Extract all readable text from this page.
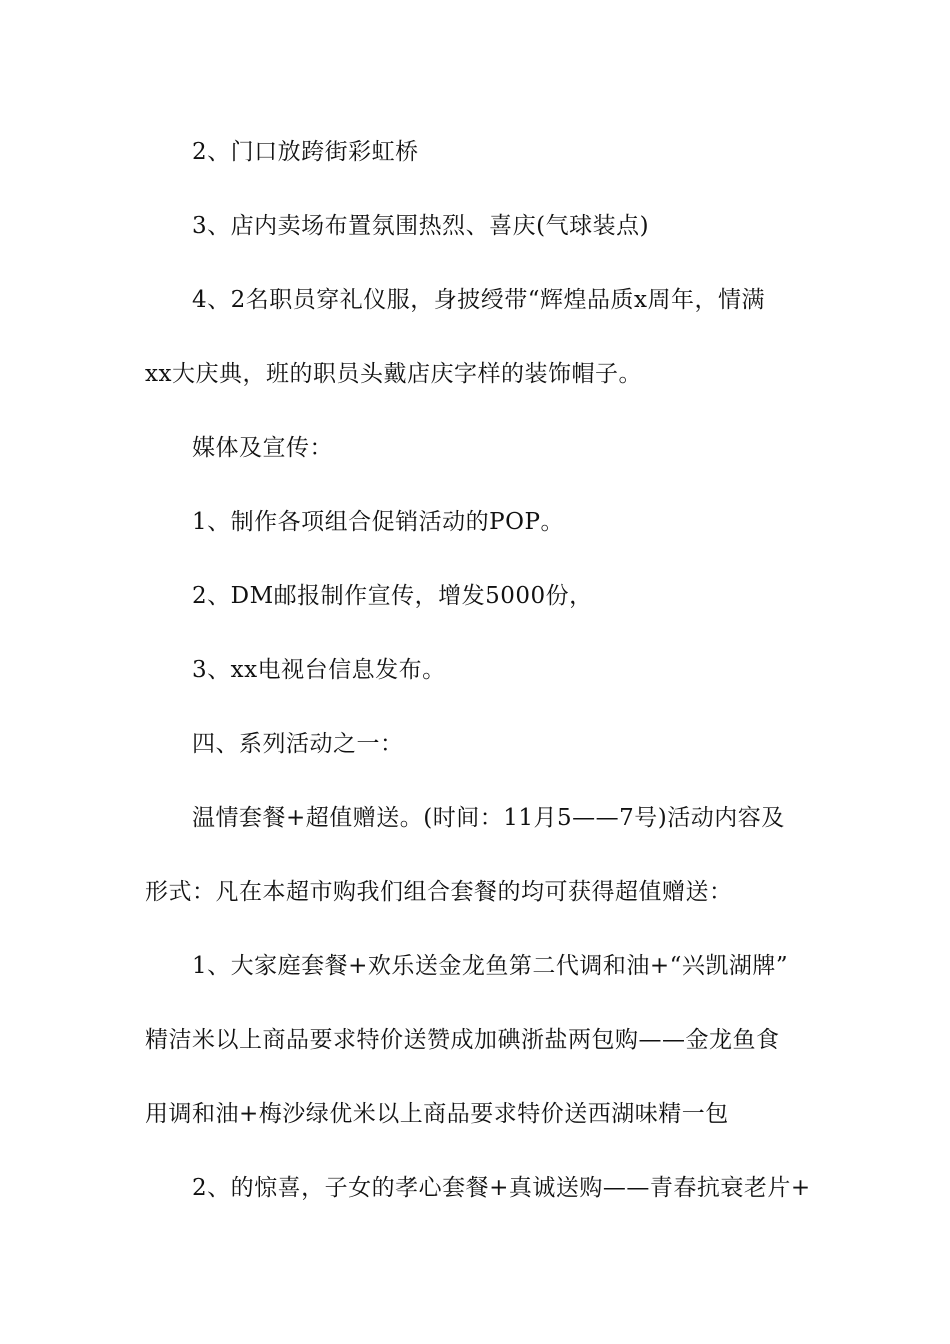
2、门口放跨街彩虹桥
3、店内卖场布置氛围热烈、喜庆(气球装点)
4、2名职员穿礼仪服，身披绶带“辉煌品质x周年，情满
xx大庆典，班的职员头戴店庆字样的装饰帽子。
媒体及宣传：
1、制作各项组合促销活动的POP。
2、DM邮报制作宣传，增发5000份，
3、xx电视台信息发布。
四、系列活动之一：
温情套餐+超值赠送。(时间：11月5——7号)活动内容及
形式：凡在本超市购我们组合套餐的均可获得超值赠送：
1、大家庭套餐+欢乐送金龙鱼第二代调和油+“兴凯湖牌”
精洁米以上商品要求特价送赞成加碘浙盐两包购——金龙鱼食
用调和油+梅沙绿优米以上商品要求特价送西湖味精一包
2、的惊喜，子女的孝心套餐+真诚送购——青春抗衰老片+
